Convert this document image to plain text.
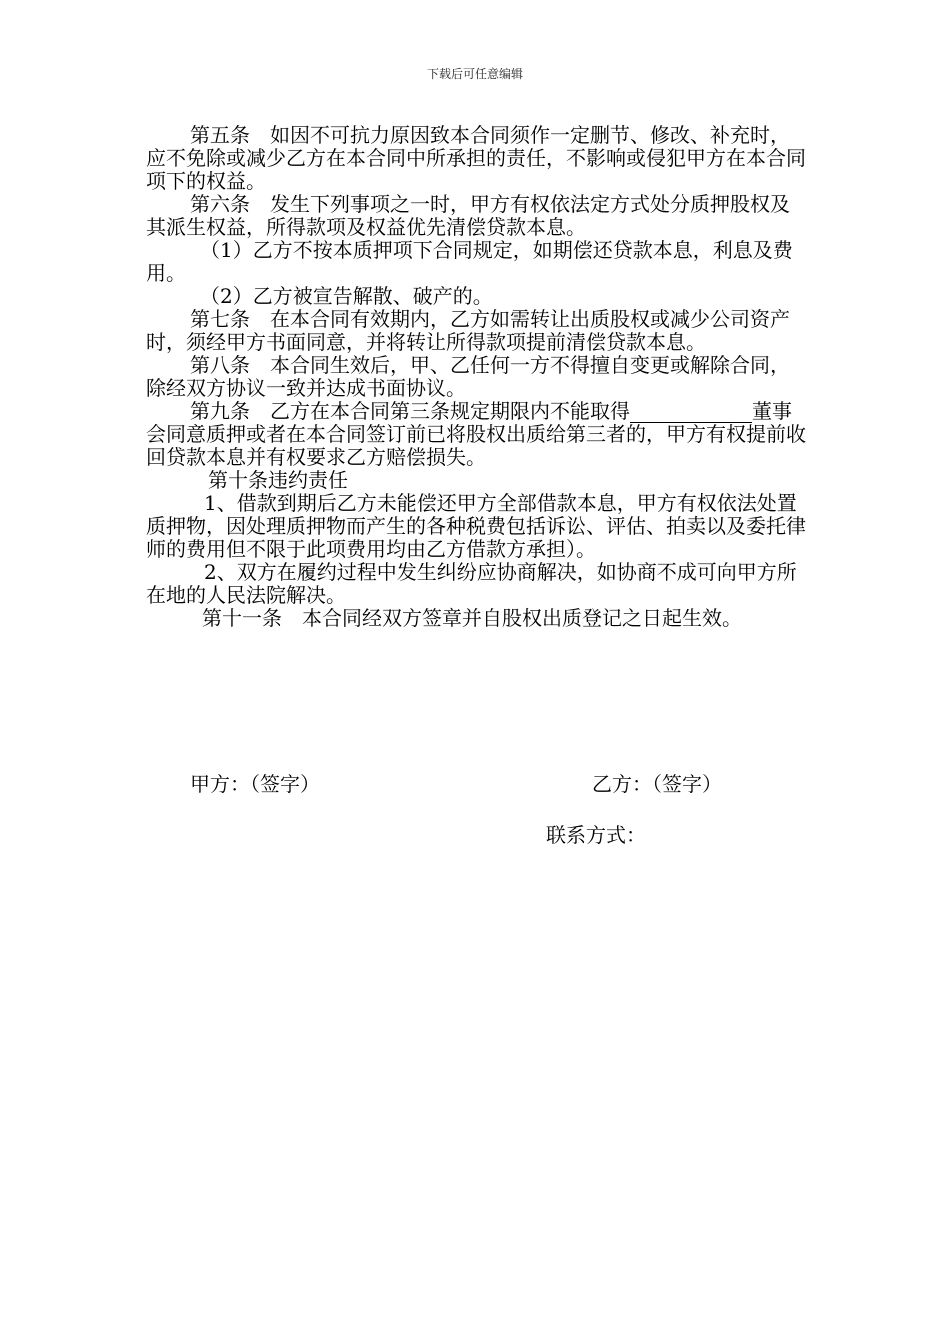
下载后可任意编辑

第五条　如因不可抗力原因致本合同须作一定删节、修改、补充时，应不免除或减少乙方在本合同中所承担的责任，不影响或侵犯甲方在本合同项下的权益。

第六条　发生下列事项之一时，甲方有权依法定方式处分质押股权及其派生权益，所得款项及权益优先清偿贷款本息。

（1）乙方不按本质押项下合同规定，如期偿还贷款本息，利息及费用。

（2）乙方被宣告解散、破产的。

第七条　在本合同有效期内，乙方如需转让出质股权或减少公司资产时，须经甲方书面同意，并将转让所得款项提前清偿贷款本息。

第八条　本合同生效后，甲、乙任何一方不得擅自变更或解除合同，除经双方协议一致并达成书面协议。

第九条　乙方在本合同第三条规定期限内不能取得	董事会同意质押或者在本合同签订前已将股权出质给第三者的，甲方有权提前收回贷款本息并有权要求乙方赔偿损失。

第十条违约责任

1、借款到期后乙方未能偿还甲方全部借款本息，甲方有权依法处置质押物，因处理质押物而产生的各种税费包括诉讼、评估、拍卖以及委托律师的费用但不限于此项费用均由乙方借款方承担）。

2、双方在履约过程中发生纠纷应协商解决，如协商不成可向甲方所在地的人民法院解决。

第十一条　本合同经双方签章并自股权出质登记之日起生效。

甲方：（签字）	乙方：（签字）
联系方式：
